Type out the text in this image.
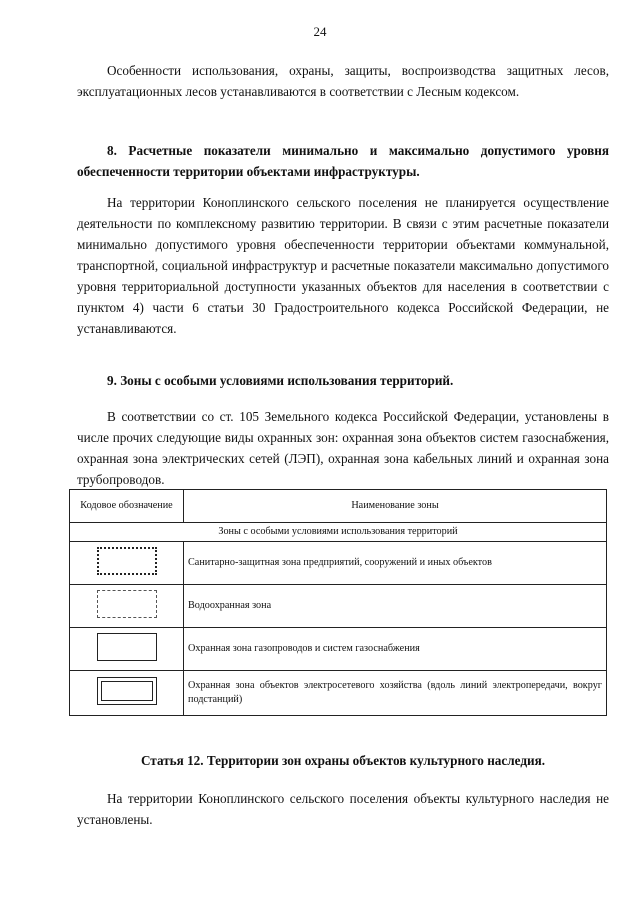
24
Особенности использования, охраны, защиты, воспроизводства защитных лесов, эксплуатационных лесов устанавливаются в соответствии с Лесным кодексом.
8. Расчетные показатели минимально и максимально допустимого уровня обеспеченности территории объектами инфраструктуры.
На территории Коноплинского сельского поселения не планируется осуществление деятельности по комплексному развитию территории. В связи с этим расчетные показатели минимально допустимого уровня обеспеченности территории объектами коммунальной, транспортной, социальной инфраструктур и расчетные показатели максимально допустимого уровня территориальной доступности указанных объектов для населения в соответствии с пунктом 4) части 6 статьи 30 Градостроительного кодекса Российской Федерации, не устанавливаются.
9. Зоны с особыми условиями использования территорий.
В соответствии со ст. 105 Земельного кодекса Российской Федерации, установлены в числе прочих следующие виды охранных зон: охранная зона объектов систем газоснабжения, охранная зона электрических сетей (ЛЭП), охранная зона кабельных линий и охранная зона трубопроводов.
Кодовое обозначение	Наименование зоны
Зоны с особыми условиями использования территорий	
	Санитарно-защитная зона предприятий, сооружений и иных объектов
	Водоохранная зона
	Охранная зона газопроводов и систем газоснабжения
	Охранная зона объектов электросетевого хозяйства (вдоль линий электропередачи, вокруг подстанций)
Статья 12. Территории зон охраны объектов культурного наследия.
На территории Коноплинского сельского поселения объекты культурного наследия не установлены.
